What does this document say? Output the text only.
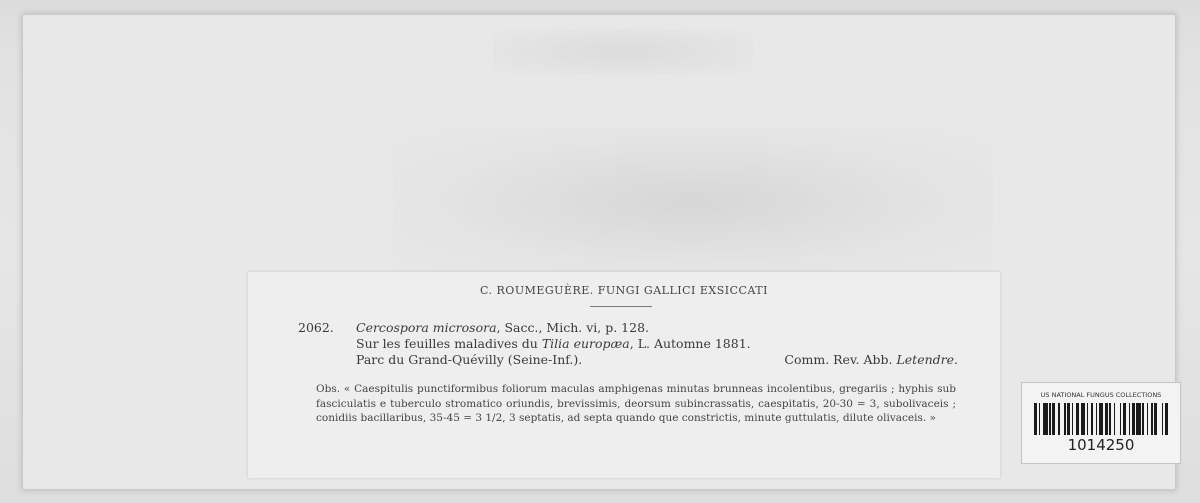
C. ROUMEGUÈRE. FUNGI GALLICI EXSICCATI
2062. Cercospora microsora, Sacc., Mich. vi, p. 128.
Sur les feuilles maladives du Tilia europæa, L. Automne 1881.
Parc du Grand-Quévilly (Seine-Inf.).	Comm. Rev. Abb. Letendre.
Obs. « Caespitulis punctiformibus foliorum maculas amphigenas minutas brunneas incolentibus, gregariis ; hyphis sub fasciculatis e tuberculo stromatico oriundis, brevissimis, deorsum subincrassatis, caespitatis, 20-30 = 3, subolivaceis ; conidiis bacillaribus, 35-45 = 3 1/2, 3 septatis, ad septa quando que constrictis, minute guttulatis, dilute olivaceis. »
US NATIONAL FUNGUS COLLECTIONS
1014250
